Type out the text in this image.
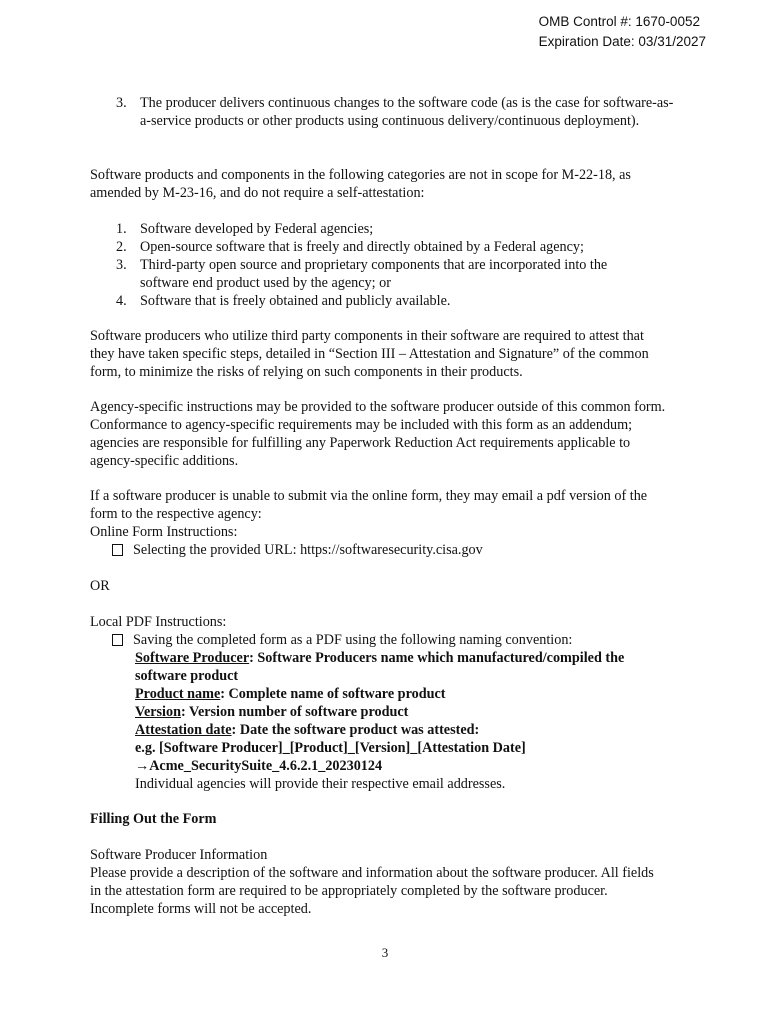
OMB Control #: 1670-0052
Expiration Date: 03/31/2027
3. The producer delivers continuous changes to the software code (as is the case for software-as-a-service products or other products using continuous delivery/continuous deployment).
Software products and components in the following categories are not in scope for M-22-18, as amended by M-23-16, and do not require a self-attestation:
1. Software developed by Federal agencies;
2. Open-source software that is freely and directly obtained by a Federal agency;
3. Third-party open source and proprietary components that are incorporated into the software end product used by the agency; or
4. Software that is freely obtained and publicly available.
Software producers who utilize third party components in their software are required to attest that they have taken specific steps, detailed in “Section III – Attestation and Signature” of the common form, to minimize the risks of relying on such components in their products.
Agency-specific instructions may be provided to the software producer outside of this common form. Conformance to agency-specific requirements may be included with this form as an addendum; agencies are responsible for fulfilling any Paperwork Reduction Act requirements applicable to agency-specific additions.
If a software producer is unable to submit via the online form, they may email a pdf version of the form to the respective agency:
Online Form Instructions:
Selecting the provided URL: https://softwaresecurity.cisa.gov
OR
Local PDF Instructions:
Saving the completed form as a PDF using the following naming convention:
Software Producer: Software Producers name which manufactured/compiled the software product
Product name: Complete name of software product
Version: Version number of software product
Attestation date: Date the software product was attested:
e.g. [Software Producer]_[Product]_[Version]_[Attestation Date]
→Acme_SecuritySuite_4.6.2.1_20230124
Individual agencies will provide their respective email addresses.
Filling Out the Form
Software Producer Information
Please provide a description of the software and information about the software producer. All fields in the attestation form are required to be appropriately completed by the software producer. Incomplete forms will not be accepted.
3
